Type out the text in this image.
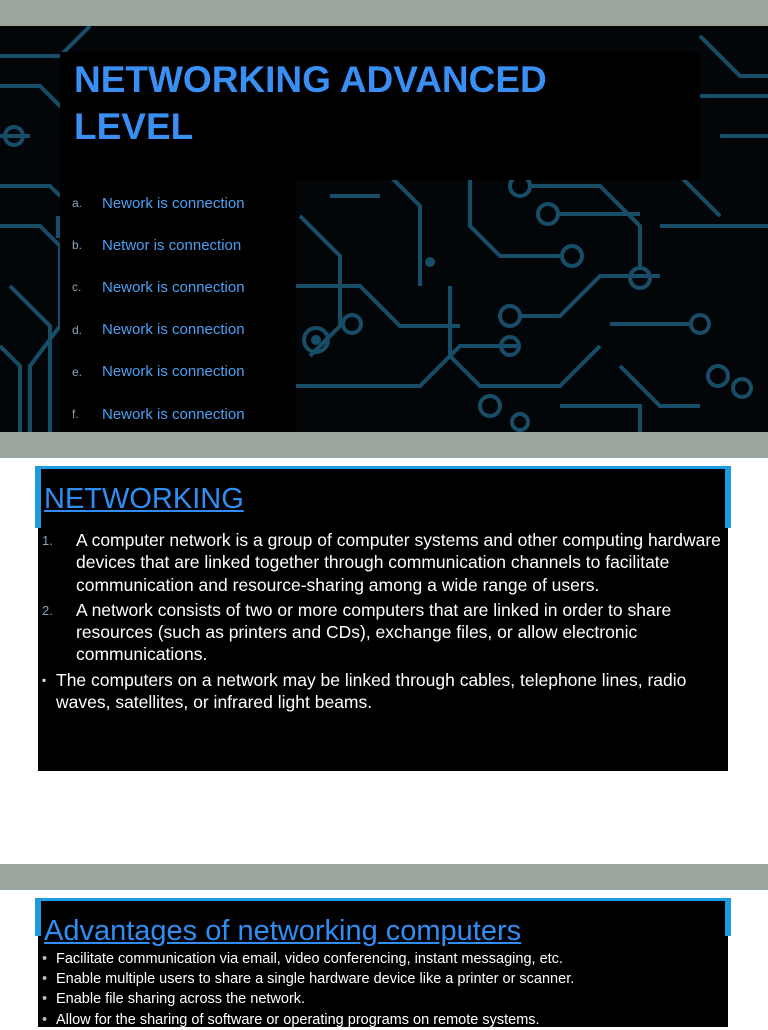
NETWORKING ADVANCED
LEVEL
a.	Nework is connection
b.	Networ is connection
c.	Nework is connection
d.	Nework is connection
e.	Nework is connection
f.	Nework is connection
NETWORKING
1.	A computer network is a group of computer systems and other computing hardware devices that are linked together through communication channels to facilitate communication and resource-sharing among a wide range of users.
2.	A network consists of two or more computers that are linked in order to share resources (such as printers and CDs), exchange files, or allow electronic communications.
▪ The computers on a network may be linked through cables, telephone lines, radio waves, satellites, or infrared light beams.
Advantages of networking computers
• Facilitate communication via email, video conferencing, instant messaging, etc.
• Enable multiple users to share a single hardware device like a printer or scanner.
• Enable file sharing across the network.
• Allow for the sharing of software or operating programs on remote systems.
